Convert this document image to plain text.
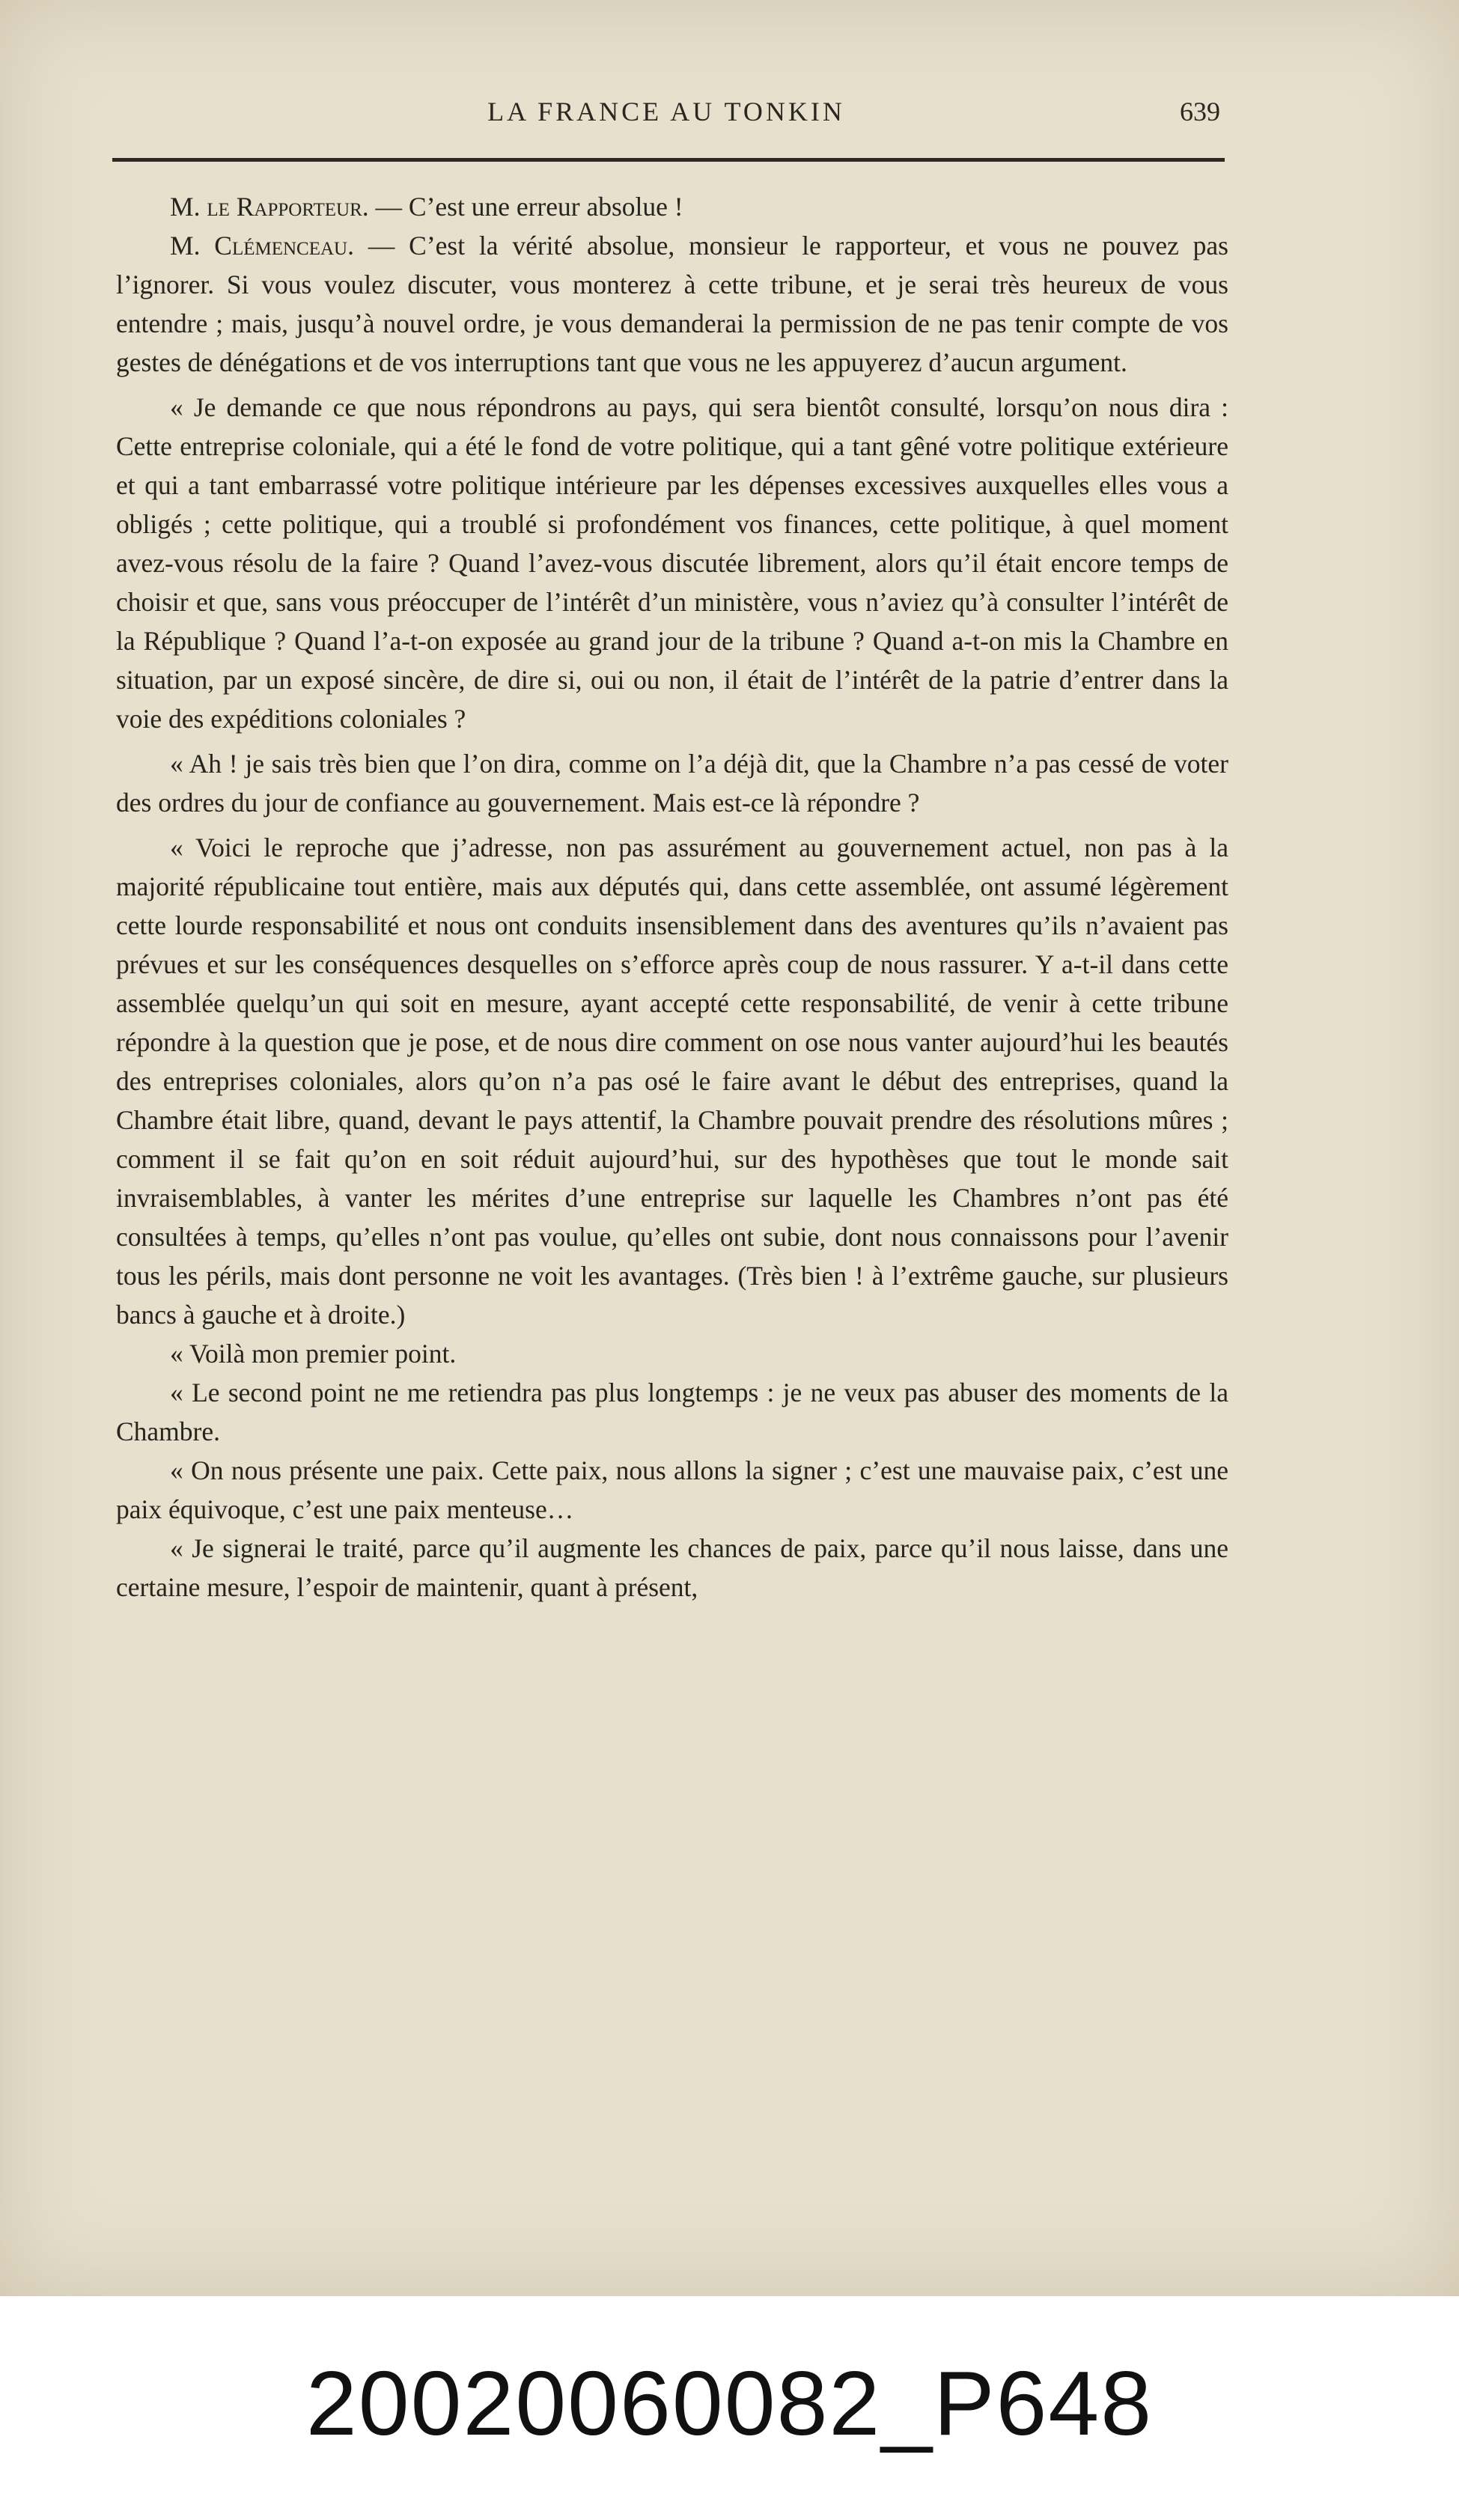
LA FRANCE AU TONKIN	639

M. le Rapporteur. — C’est une erreur absolue !

M. Clémenceau. — C’est la vérité absolue, monsieur le rapporteur, et vous ne pouvez pas l’ignorer. Si vous voulez discuter, vous monterez à cette tribune, et je serai très heureux de vous entendre ; mais, jusqu’à nouvel ordre, je vous demanderai la permission de ne pas tenir compte de vos gestes de dénégations et de vos interruptions tant que vous ne les appuyerez d’aucun argument.

« Je demande ce que nous répondrons au pays, qui sera bientôt consulté, lorsqu’on nous dira : Cette entreprise coloniale, qui a été le fond de votre politique, qui a tant gêné votre politique extérieure et qui a tant embarrassé votre politique intérieure par les dépenses excessives auxquelles elles vous a obligés ; cette politique, qui a troublé si profondément vos finances, cette politique, à quel moment avez-vous résolu de la faire ? Quand l’avez-vous discutée librement, alors qu’il était encore temps de choisir et que, sans vous préoccuper de l’intérêt d’un ministère, vous n’aviez qu’à consulter l’intérêt de la République ? Quand l’a-t-on exposée au grand jour de la tribune ? Quand a-t-on mis la Chambre en situation, par un exposé sincère, de dire si, oui ou non, il était de l’intérêt de la patrie d’entrer dans la voie des expéditions coloniales ?

« Ah ! je sais très bien que l’on dira, comme on l’a déjà dit, que la Chambre n’a pas cessé de voter des ordres du jour de confiance au gouvernement. Mais est-ce là répondre ?

« Voici le reproche que j’adresse, non pas assurément au gouvernement actuel, non pas à la majorité républicaine tout entière, mais aux députés qui, dans cette assemblée, ont assumé légèrement cette lourde responsabilité et nous ont conduits insensiblement dans des aventures qu’ils n’avaient pas prévues et sur les conséquences desquelles on s’efforce après coup de nous rassurer. Y a-t-il dans cette assemblée quelqu’un qui soit en mesure, ayant accepté cette responsabilité, de venir à cette tribune répondre à la question que je pose, et de nous dire comment on ose nous vanter aujourd’hui les beautés des entreprises coloniales, alors qu’on n’a pas osé le faire avant le début des entreprises, quand la Chambre était libre, quand, devant le pays attentif, la Chambre pouvait prendre des résolutions mûres ; comment il se fait qu’on en soit réduit aujourd’hui, sur des hypothèses que tout le monde sait invraisemblables, à vanter les mérites d’une entreprise sur laquelle les Chambres n’ont pas été consultées à temps, qu’elles n’ont pas voulue, qu’elles ont subie, dont nous connaissons pour l’avenir tous les périls, mais dont personne ne voit les avantages. (Très bien ! à l’extrême gauche, sur plusieurs bancs à gauche et à droite.)

« Voilà mon premier point.

« Le second point ne me retiendra pas plus longtemps : je ne veux pas abuser des moments de la Chambre.

« On nous présente une paix. Cette paix, nous allons la signer ; c’est une mauvaise paix, c’est une paix équivoque, c’est une paix menteuse…

« Je signerai le traité, parce qu’il augmente les chances de paix, parce qu’il nous laisse, dans une certaine mesure, l’espoir de maintenir, quant à présent,

20020060082_P648
